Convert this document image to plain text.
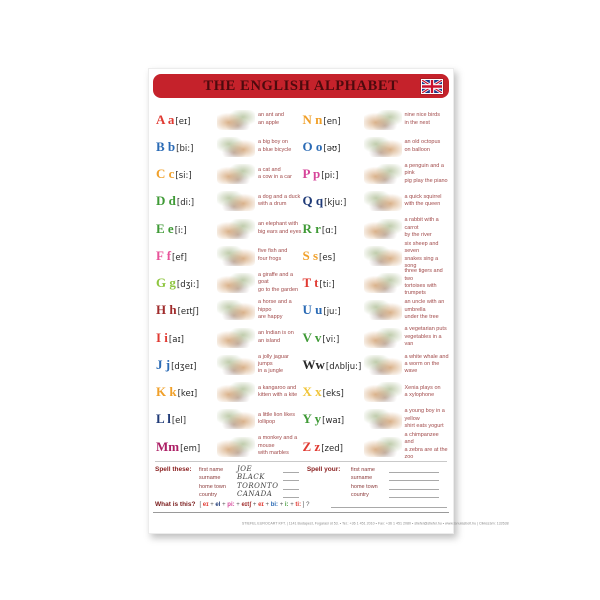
THE ENGLISH ALPHABET
A a[eɪ]
an ant and
an apple
B b[bi:]
a big boy on
a blue bicycle
C c[si:]
a cat and
a cow in a car
D d[di:]
a dog and a duck
with a drum
E e[i:]
an elephant with
big ears and eyes
F f[ef]
five fish and
four frogs
G g[dʒi:]
a giraffe and a goat
go to the garden
H h[eɪtʃ]
a horse and a hippo
are happy
I i[aɪ]
an Indian is on
an island
J j[dʒeɪ]
a jolly jaguar jumps
in a jungle
K k[keɪ]
a kangaroo and
kitten with a kite
L l[el]
a little lion likes
lollipop
Mm[em]
a monkey and a mouse
with marbles
N n[en]
nine nice birds
in the nest
O o[əʊ]
an old octopus
on balloon
P p[pi:]
a penguin and a pink
pig play the piano
Q q[kju:]
a quick squirrel
with the queen
R r[ɑ:]
a rabbit with a carrot
by the river
S s[es]
six sheep and seven
snakes sing a song
T t[ti:]
three tigers and two
tortoises with trumpets
U u[ju:]
an uncle with an umbrella
under the tree
V v[vi:]
a vegetarian puts
vegetables in a van
Ww[dʌblju:]
a white whale and
a worm on the wave
X x[eks]
Xenia plays on
a xylophone
Y y[waɪ]
a young boy in a yellow
shirt eats yogurt
Z z[zed]
a chimpanzee and
a zebra are at the zoo
Spell these:	first name	JOE
surname	BLACK
home town	TORONTO
country	CANADA
Spell your:	first name
surname
home town
country
What is this? [ eɪ + el + pi: + eɪtʃ + eɪ + bi: + i: + ti: ] ?
STIEFEL EUROCART KFT. | 1141 Budapest, Fogarasi út 53. • Tel.: +36 1 451 2010 • Fax: +36 1 451 2080 • stiefel@stiefel.hu • www.tanulasbolt.hu | Cikkszám: 132638
